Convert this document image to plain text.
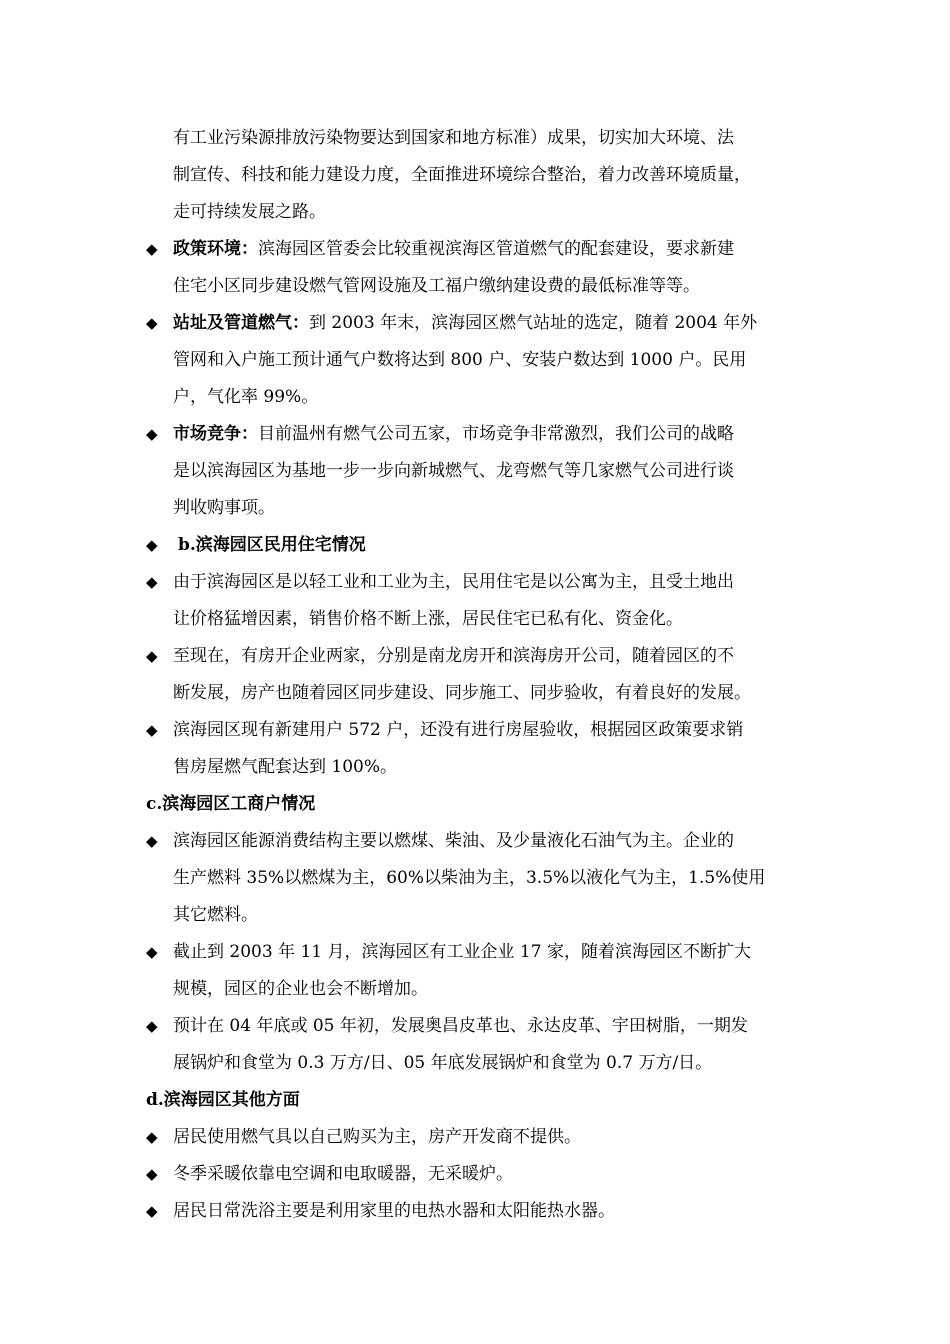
有工业污染源排放污染物要达到国家和地方标准）成果，切实加大环境、法
制宣传、科技和能力建设力度，全面推进环境综合整治，着力改善环境质量，
走可持续发展之路。
◆ 政策环境：滨海园区管委会比较重视滨海区管道燃气的配套建设，要求新建
住宅小区同步建设燃气管网设施及工福户缴纳建设费的最低标准等等。
◆ 站址及管道燃气：到 2003 年末，滨海园区燃气站址的选定，随着 2004 年外
管网和入户施工预计通气户数将达到 800 户、安装户数达到 1000 户。民用
户，气化率 99%。
◆ 市场竞争：目前温州有燃气公司五家，市场竞争非常激烈，我们公司的战略
是以滨海园区为基地一步一步向新城燃气、龙弯燃气等几家燃气公司进行谈
判收购事项。
◆ b.滨海园区民用住宅情况
◆ 由于滨海园区是以轻工业和工业为主，民用住宅是以公寓为主，且受土地出
让价格猛增因素，销售价格不断上涨，居民住宅已私有化、资金化。
◆ 至现在，有房开企业两家，分别是南龙房开和滨海房开公司，随着园区的不
断发展，房产也随着园区同步建设、同步施工、同步验收，有着良好的发展。
◆ 滨海园区现有新建用户 572 户，还没有进行房屋验收，根据园区政策要求销
售房屋燃气配套达到 100%。
c.滨海园区工商户情况
◆ 滨海园区能源消费结构主要以燃煤、柴油、及少量液化石油气为主。企业的
生产燃料 35%以燃煤为主，60%以柴油为主，3.5%以液化气为主，1.5%使用
其它燃料。
◆ 截止到 2003 年 11 月，滨海园区有工业企业 17 家，随着滨海园区不断扩大
规模，园区的企业也会不断增加。
◆ 预计在 04 年底或 05 年初，发展奥昌皮革也、永达皮革、宇田树脂，一期发
展锅炉和食堂为 0.3 万方/日、05 年底发展锅炉和食堂为 0.7 万方/日。
d.滨海园区其他方面
◆ 居民使用燃气具以自己购买为主，房产开发商不提供。
◆ 冬季采暖依靠电空调和电取暖器，无采暖炉。
◆ 居民日常洗浴主要是利用家里的电热水器和太阳能热水器。
